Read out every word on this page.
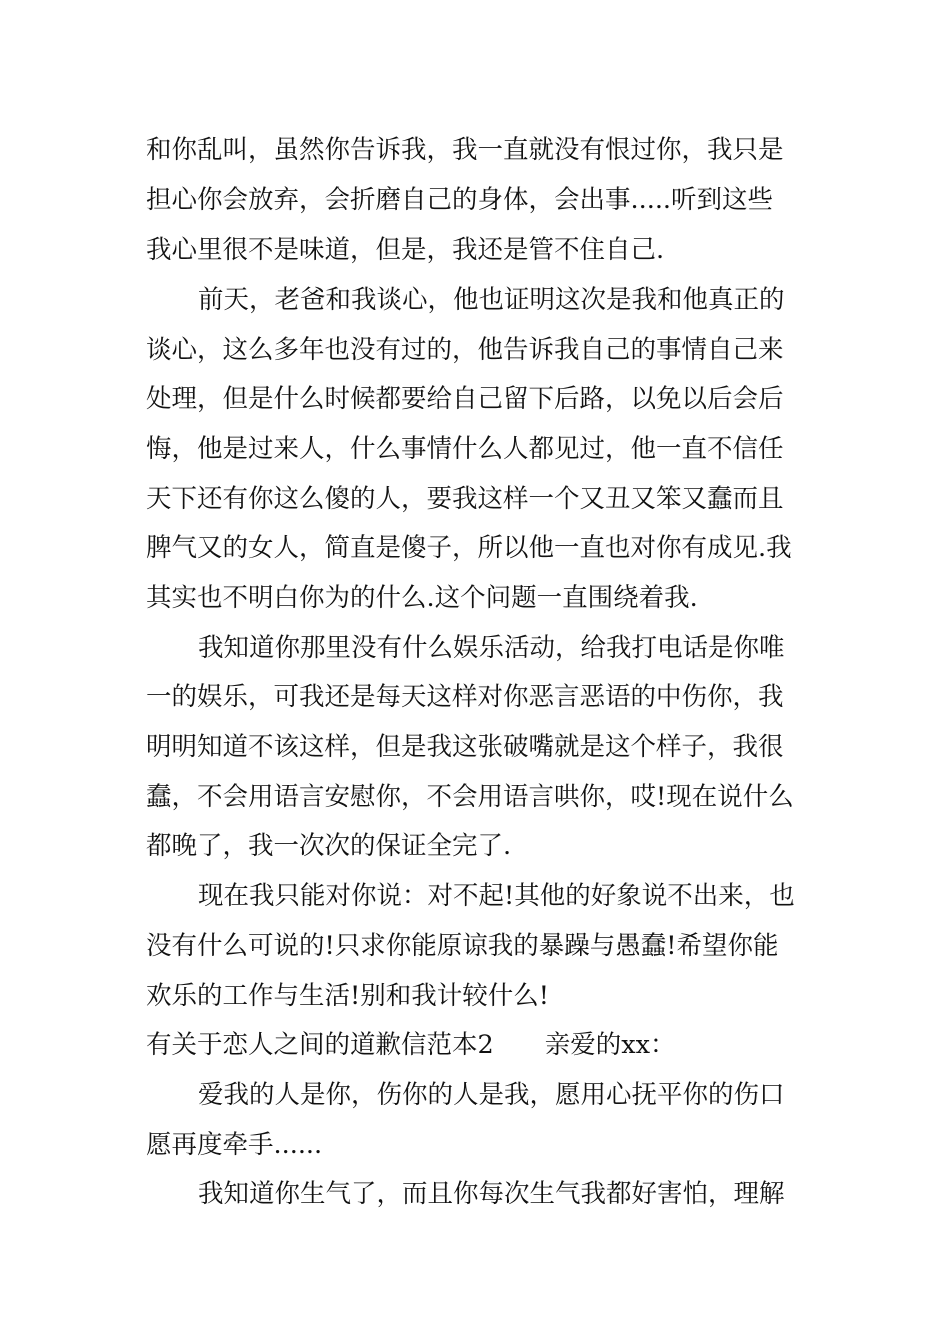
和你乱叫，虽然你告诉我，我一直就没有恨过你，我只是

担心你会放弃，会折磨自己的身体，会出事.....听到这些

我心里很不是味道，但是，我还是管不住自己.

前天，老爸和我谈心，他也证明这次是我和他真正的

谈心，这么多年也没有过的，他告诉我自己的事情自己来

处理，但是什么时候都要给自己留下后路，以免以后会后

悔，他是过来人，什么事情什么人都见过，他一直不信任

天下还有你这么傻的人，要我这样一个又丑又笨又蠢而且

脾气又的女人，简直是傻子，所以他一直也对你有成见.我

其实也不明白你为的什么.这个问题一直围绕着我.

我知道你那里没有什么娱乐活动，给我打电话是你唯

一的娱乐，可我还是每天这样对你恶言恶语的中伤你，我

明明知道不该这样，但是我这张破嘴就是这个样子，我很

蠢，不会用语言安慰你，不会用语言哄你，哎!现在说什么

都晚了，我一次次的保证全完了.

现在我只能对你说：对不起!其他的好象说不出来，也

没有什么可说的!只求你能原谅我的暴躁与愚蠢!希望你能

欢乐的工作与生活!别和我计较什么!

有关于恋人之间的道歉信范本2　　亲爱的xx：

爱我的人是你，伤你的人是我，愿用心抚平你的伤口

愿再度牵手......

我知道你生气了，而且你每次生气我都好害怕，理解
